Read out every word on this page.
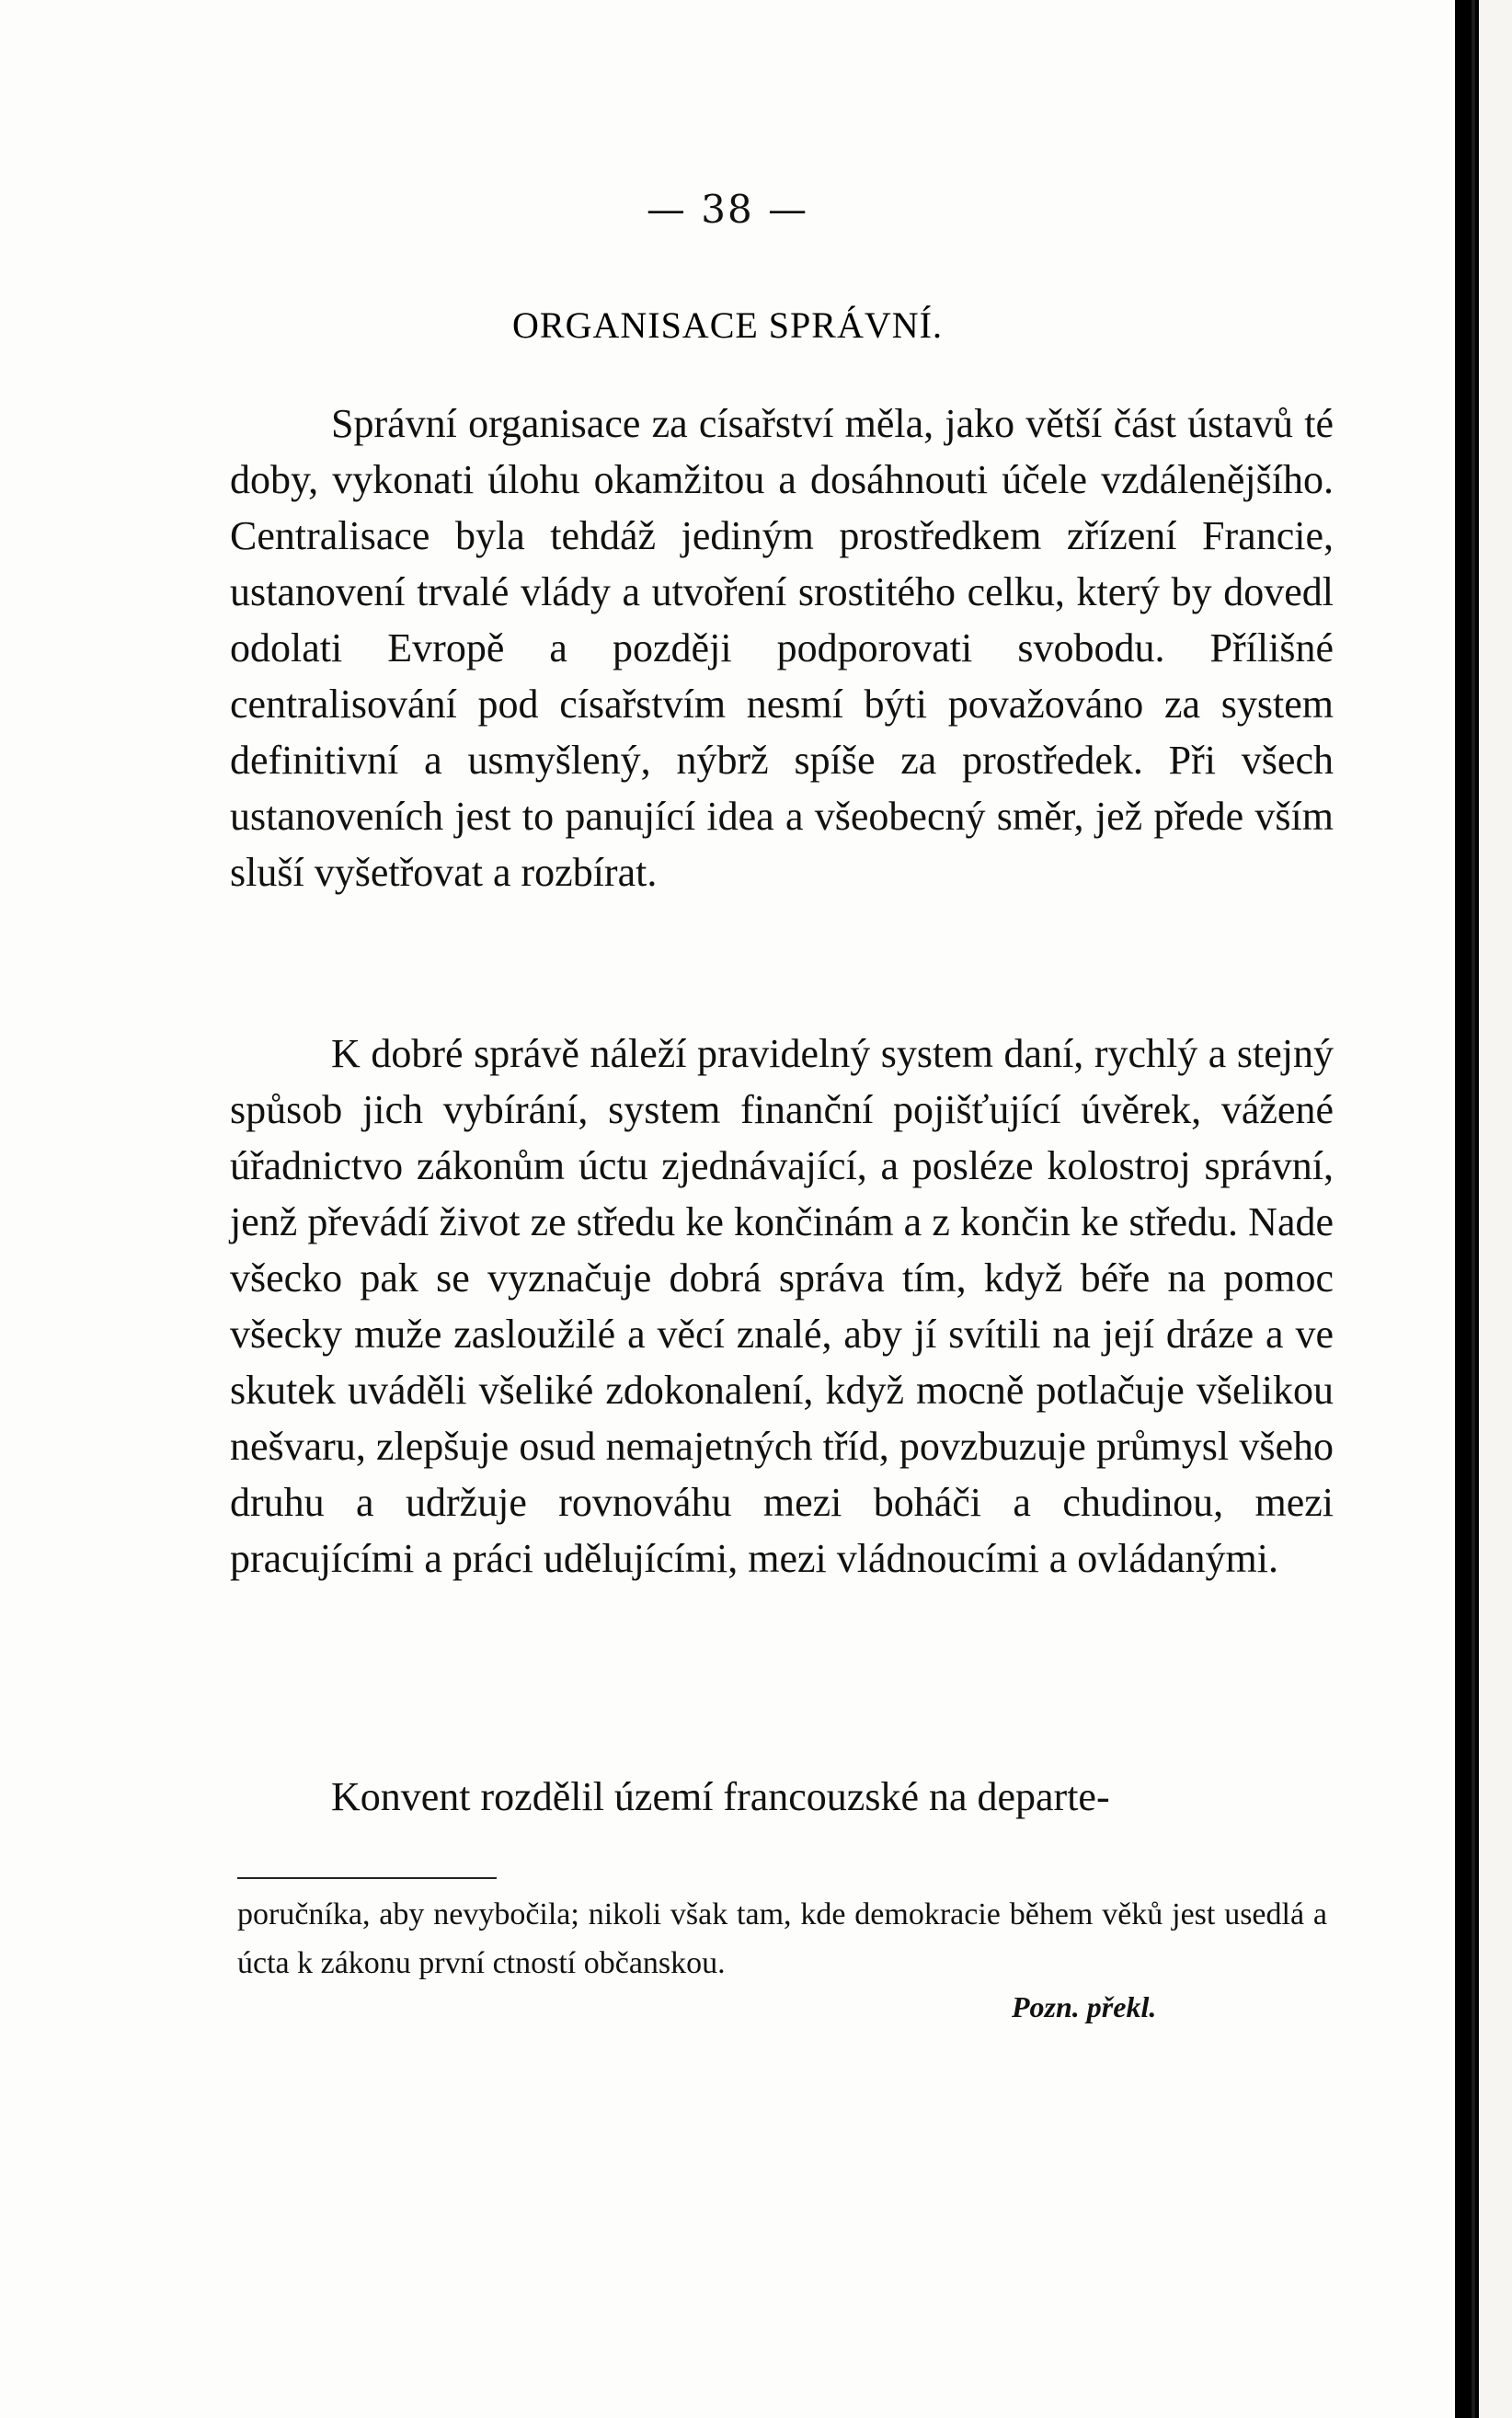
— 38 —
ORGANISACE SPRÁVNÍ.

Správní organisace za císařství měla, jako větší část ústavů té doby, vykonati úlohu okamžitou a dosáhnouti účele vzdálenějšího. Centralisace byla tehdáž jediným prostředkem zřízení Francie, ustanovení trvalé vlády a utvoření srostitého celku, který by dovedl odolati Evropě a později podporovati svobodu. Přílišné centralisování pod císařstvím nesmí býti považováno za system definitivní a usmyšlený, nýbrž spíše za prostředek. Při všech ustanoveních jest to panující idea a všeobecný směr, jež přede vším sluší vyšetřovat a rozbírat.

K dobré správě náleží pravidelný system daní, rychlý a stejný spůsob jich vybírání, system finanční pojišťující úvěrek, vážené úřadnictvo zákonům úctu zjednávající, a posléze kolostroj správní, jenž převádí život ze středu ke končinám a z končin ke středu. Nade všecko pak se vyznačuje dobrá správa tím, když béře na pomoc všecky muže zasloužilé a věcí znalé, aby jí svítili na její dráze a ve skutek uváděli všeliké zdokonalení, když mocně potlačuje všelikou nešvaru, zlepšuje osud nemajetných tříd, povzbuzuje průmysl všeho druhu a udržuje rovnováhu mezi boháči a chudinou, mezi pracujícími a práci udělujícími, mezi vládnoucími a ovládanými.

Konvent rozdělil území francouzské na departe-

poručníka, aby nevybočila; nikoli však tam, kde demokracie během věků jest usedlá a úcta k zákonu první ctností občanskou.

Pozn. překl.
